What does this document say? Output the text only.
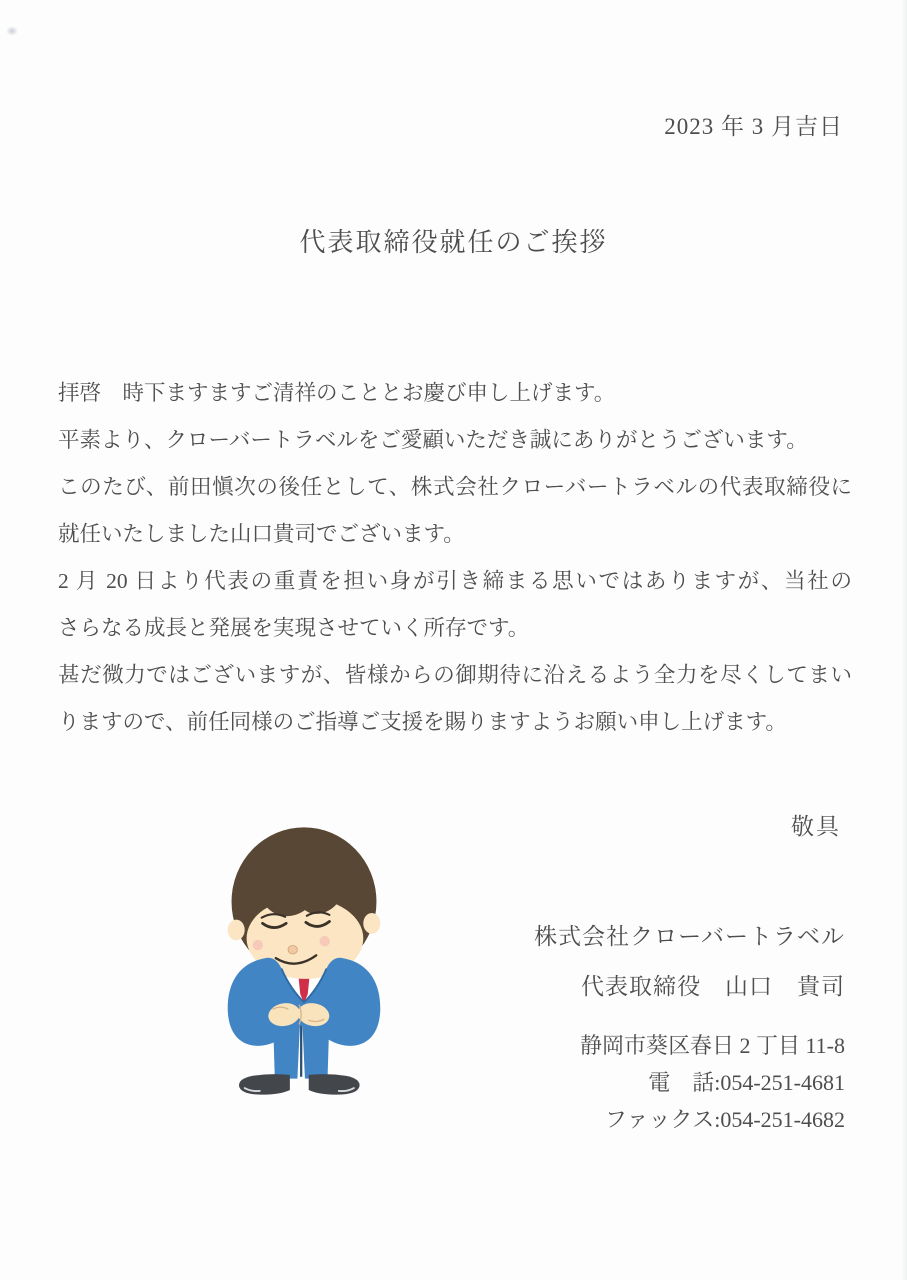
2023 年 3 月吉日
代表取締役就任のご挨拶
拝啓　時下ますますご清祥のこととお慶び申し上げます。
平素より、クローバートラベルをご愛顧いただき誠にありがとうございます。
このたび、前田愼次の後任として、株式会社クローバートラベルの代表取締役に
就任いたしました山口貴司でございます。
2 月 20 日より代表の重責を担い身が引き締まる思いではありますが、当社の
さらなる成長と発展を実現させていく所存です。
甚だ微力ではございますが、皆様からの御期待に沿えるよう全力を尽くしてまい
りますので、前任同様のご指導ご支援を賜りますようお願い申し上げます。
敬具
株式会社クローバートラベル
代表取締役　山口　貴司
静岡市葵区春日 2 丁目 11-8
電　話:054-251-4681
ファックス:054-251-4682
